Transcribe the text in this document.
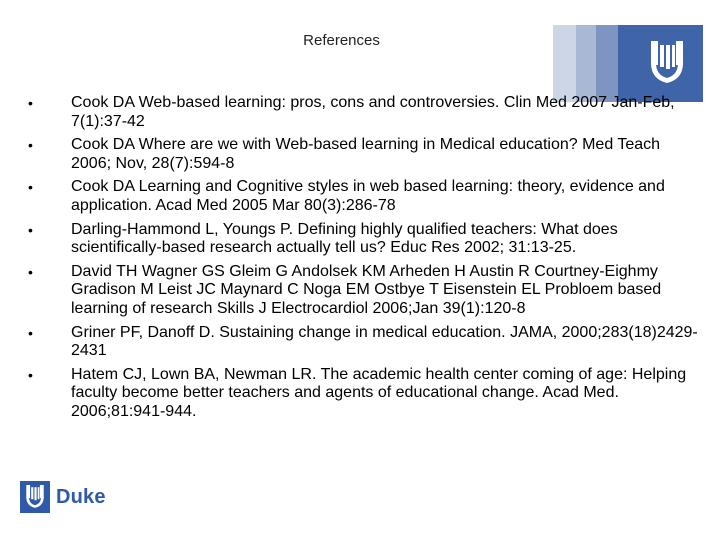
References
• Cook DA Web-based learning: pros, cons and controversies. Clin Med 2007 Jan-Feb, 7(1):37-42
• Cook DA Where are we with Web-based learning in Medical education? Med Teach 2006; Nov, 28(7):594-8
• Cook DA Learning and Cognitive styles in web based learning: theory, evidence and application. Acad Med 2005 Mar 80(3):286-78
• Darling-Hammond L, Youngs P. Defining highly qualified teachers: What does scientifically-based research actually tell us? Educ Res 2002; 31:13-25.
• David TH Wagner GS Gleim G Andolsek KM Arheden H Austin R Courtney-Eighmy Gradison M Leist JC Maynard C Noga EM Ostbye T Eisenstein EL Probloem based learning of research Skills J Electrocardiol 2006;Jan 39(1):120-8
• Griner PF, Danoff D. Sustaining change in medical education. JAMA, 2000;283(18)2429-2431
• Hatem CJ, Lown BA, Newman LR. The academic health center coming of age: Helping faculty become better teachers and agents of educational change. Acad Med. 2006;81:941-944.
Duke
